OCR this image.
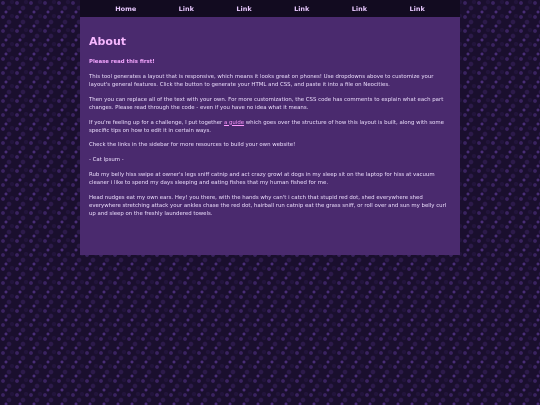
Home	Link	Link	Link	Link	Link
About

Please read this first!

This tool generates a layout that is responsive, which means it looks great on phones! Use dropdowns above to customize your layout's general features. Click the button to generate your HTML and CSS, and paste it into a file on Neocities.

Then you can replace all of the text with your own. For more customization, the CSS code has comments to explain what each part changes. Please read through the code - even if you have no idea what it means.

If you're feeling up for a challenge, I put together a guide which goes over the structure of how this layout is built, along with some specific tips on how to edit it in certain ways.

Check the links in the sidebar for more resources to build your own website!

- Cat Ipsum -

Rub my belly hiss swipe at owner's legs sniff catnip and act crazy growl at dogs in my sleep sit on the laptop for hiss at vacuum cleaner i like to spend my days sleeping and eating fishes that my human fished for me.

Head nudges eat my own ears. Hey! you there, with the hands why can't i catch that stupid red dot, shed everywhere shed everywhere stretching attack your ankles chase the red dot, hairball run catnip eat the grass sniff, or roll over and sun my belly curl up and sleep on the freshly laundered towels.
